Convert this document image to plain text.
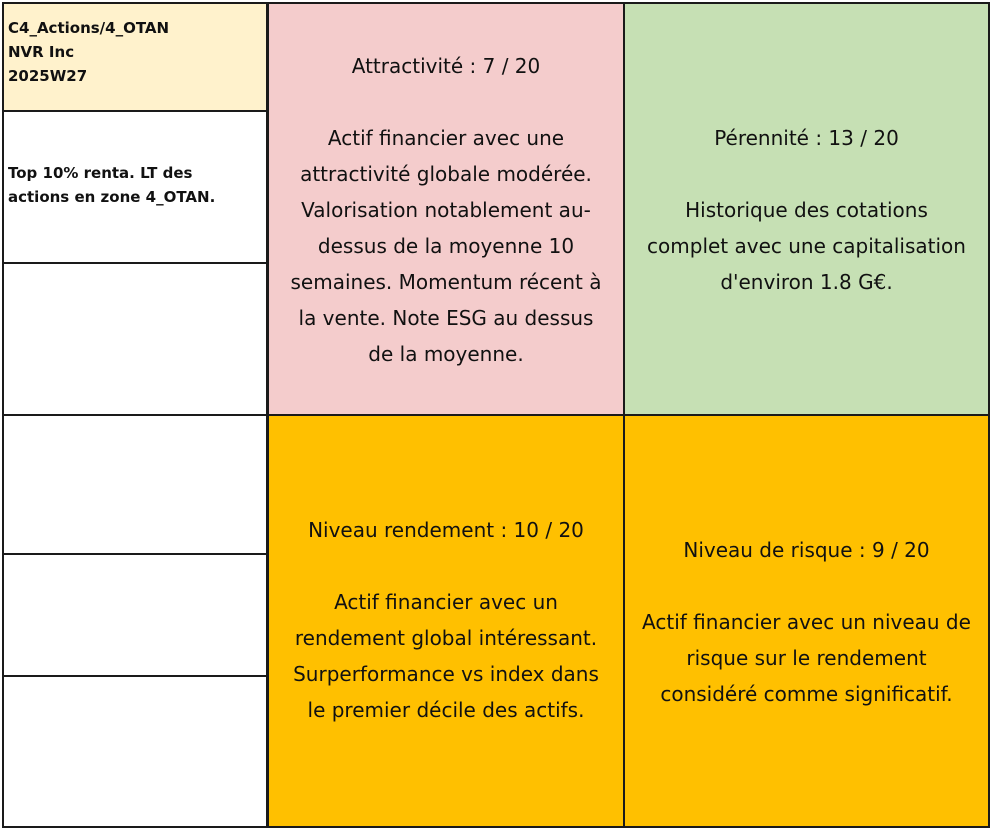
C4_Actions/4_OTAN
NVR Inc
2025W27
Top 10% renta. LT des
actions en zone 4_OTAN.
Attractivité : 7 / 20
Actif financier avec une
attractivité globale modérée.
Valorisation notablement au-
dessus de la moyenne 10
semaines. Momentum récent à
la vente. Note ESG au dessus
de la moyenne.
Pérennité : 13 / 20
Historique des cotations
complet avec une capitalisation
d'environ 1.8 G€.
Niveau rendement : 10 / 20
Actif financier avec un
rendement global intéressant.
Surperformance vs index dans
le premier décile des actifs.
Niveau de risque : 9 / 20
Actif financier avec un niveau de
risque sur le rendement
considéré comme significatif.
